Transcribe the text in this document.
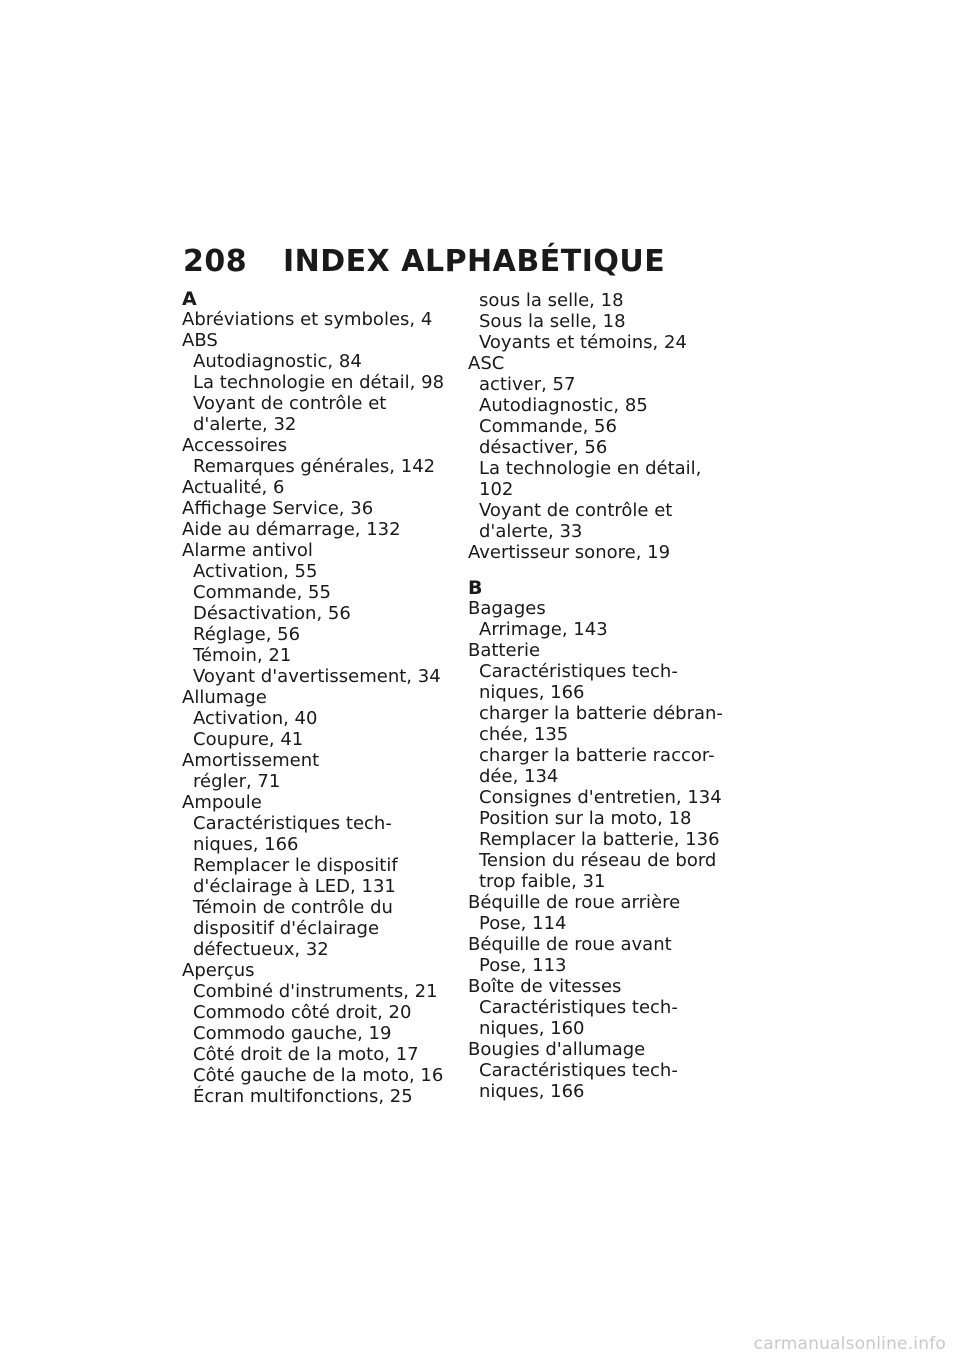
208	INDEX ALPHABÉTIQUE
A
Abréviations et symboles, 4
ABS
Autodiagnostic, 84
La technologie en détail, 98
Voyant de contrôle et
d'alerte, 32
Accessoires
Remarques générales, 142
Actualité, 6
Affichage Service, 36
Aide au démarrage, 132
Alarme antivol
Activation, 55
Commande, 55
Désactivation, 56
Réglage, 56
Témoin, 21
Voyant d'avertissement, 34
Allumage
Activation, 40
Coupure, 41
Amortissement
régler, 71
Ampoule
Caractéristiques tech-
niques, 166
Remplacer le dispositif
d'éclairage à LED, 131
Témoin de contrôle du
dispositif d'éclairage
défectueux, 32
Aperçus
Combiné d'instruments, 21
Commodo côté droit, 20
Commodo gauche, 19
Côté droit de la moto, 17
Côté gauche de la moto, 16
Écran multifonctions, 25
sous la selle, 18
Sous la selle, 18
Voyants et témoins, 24
ASC
activer, 57
Autodiagnostic, 85
Commande, 56
désactiver, 56
La technologie en détail, 102
Voyant de contrôle et
d'alerte, 33
Avertisseur sonore, 19
B
Bagages
Arrimage, 143
Batterie
Caractéristiques tech-
niques, 166
charger la batterie débran-
chée, 135
charger la batterie raccor-
dée, 134
Consignes d'entretien, 134
Position sur la moto, 18
Remplacer la batterie, 136
Tension du réseau de bord
trop faible, 31
Béquille de roue arrière
Pose, 114
Béquille de roue avant
Pose, 113
Boîte de vitesses
Caractéristiques tech-
niques, 160
Bougies d'allumage
Caractéristiques tech-
niques, 166
carmanualsonline.info
